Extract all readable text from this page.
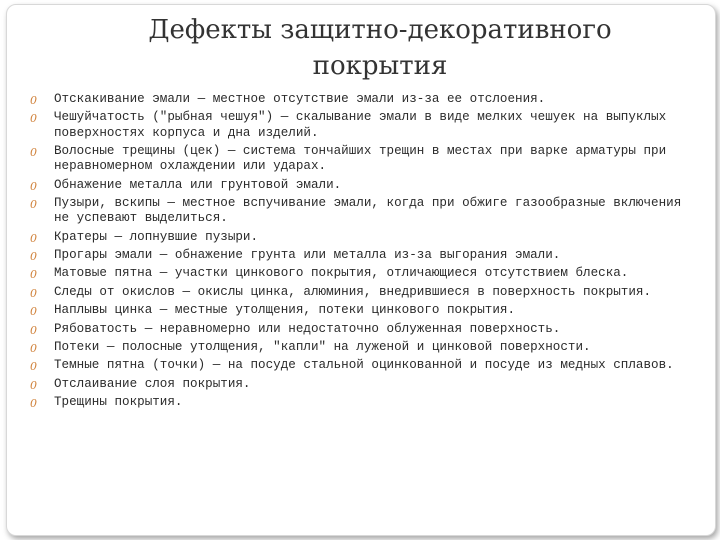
Дефекты защитно-декоративного покрытия
0 Отскакивание эмали — местное отсутствие эмали из-за ее отслоения.
0 Чешуйчатость ("рыбная чешуя") — скалывание эмали в виде мелких чешуек на выпуклых поверхностях корпуса и дна изделий.
0 Волосные трещины (цек) — система тончайших трещин в местах при варке арматуры при неравномерном охлаждении или ударах.
0 Обнажение металла или грунтовой эмали.
0 Пузыри, вскипы — местное вспучивание эмали, когда при обжиге газообразные включения не успевают выделиться.
0 Кратеры — лопнувшие пузыри.
0 Прогары эмали — обнажение грунта или металла из-за выгорания эмали.
0 Матовые пятна — участки цинкового покрытия, отличающиеся отсутствием блеска.
0 Следы от окислов — окислы цинка, алюминия, внедрившиеся в поверхность покрытия.
0 Наплывы цинка — местные утолщения, потеки цинкового покрытия.
0 Рябоватость — неравномерно или недостаточно облуженная поверхность.
0 Потеки — полосные утолщения, "капли" на луженой и цинковой поверхности.
0 Темные пятна (точки) — на посуде стальной оцинкованной и посуде из медных сплавов.
0 Отслаивание слоя покрытия.
0 Трещины покрытия.
